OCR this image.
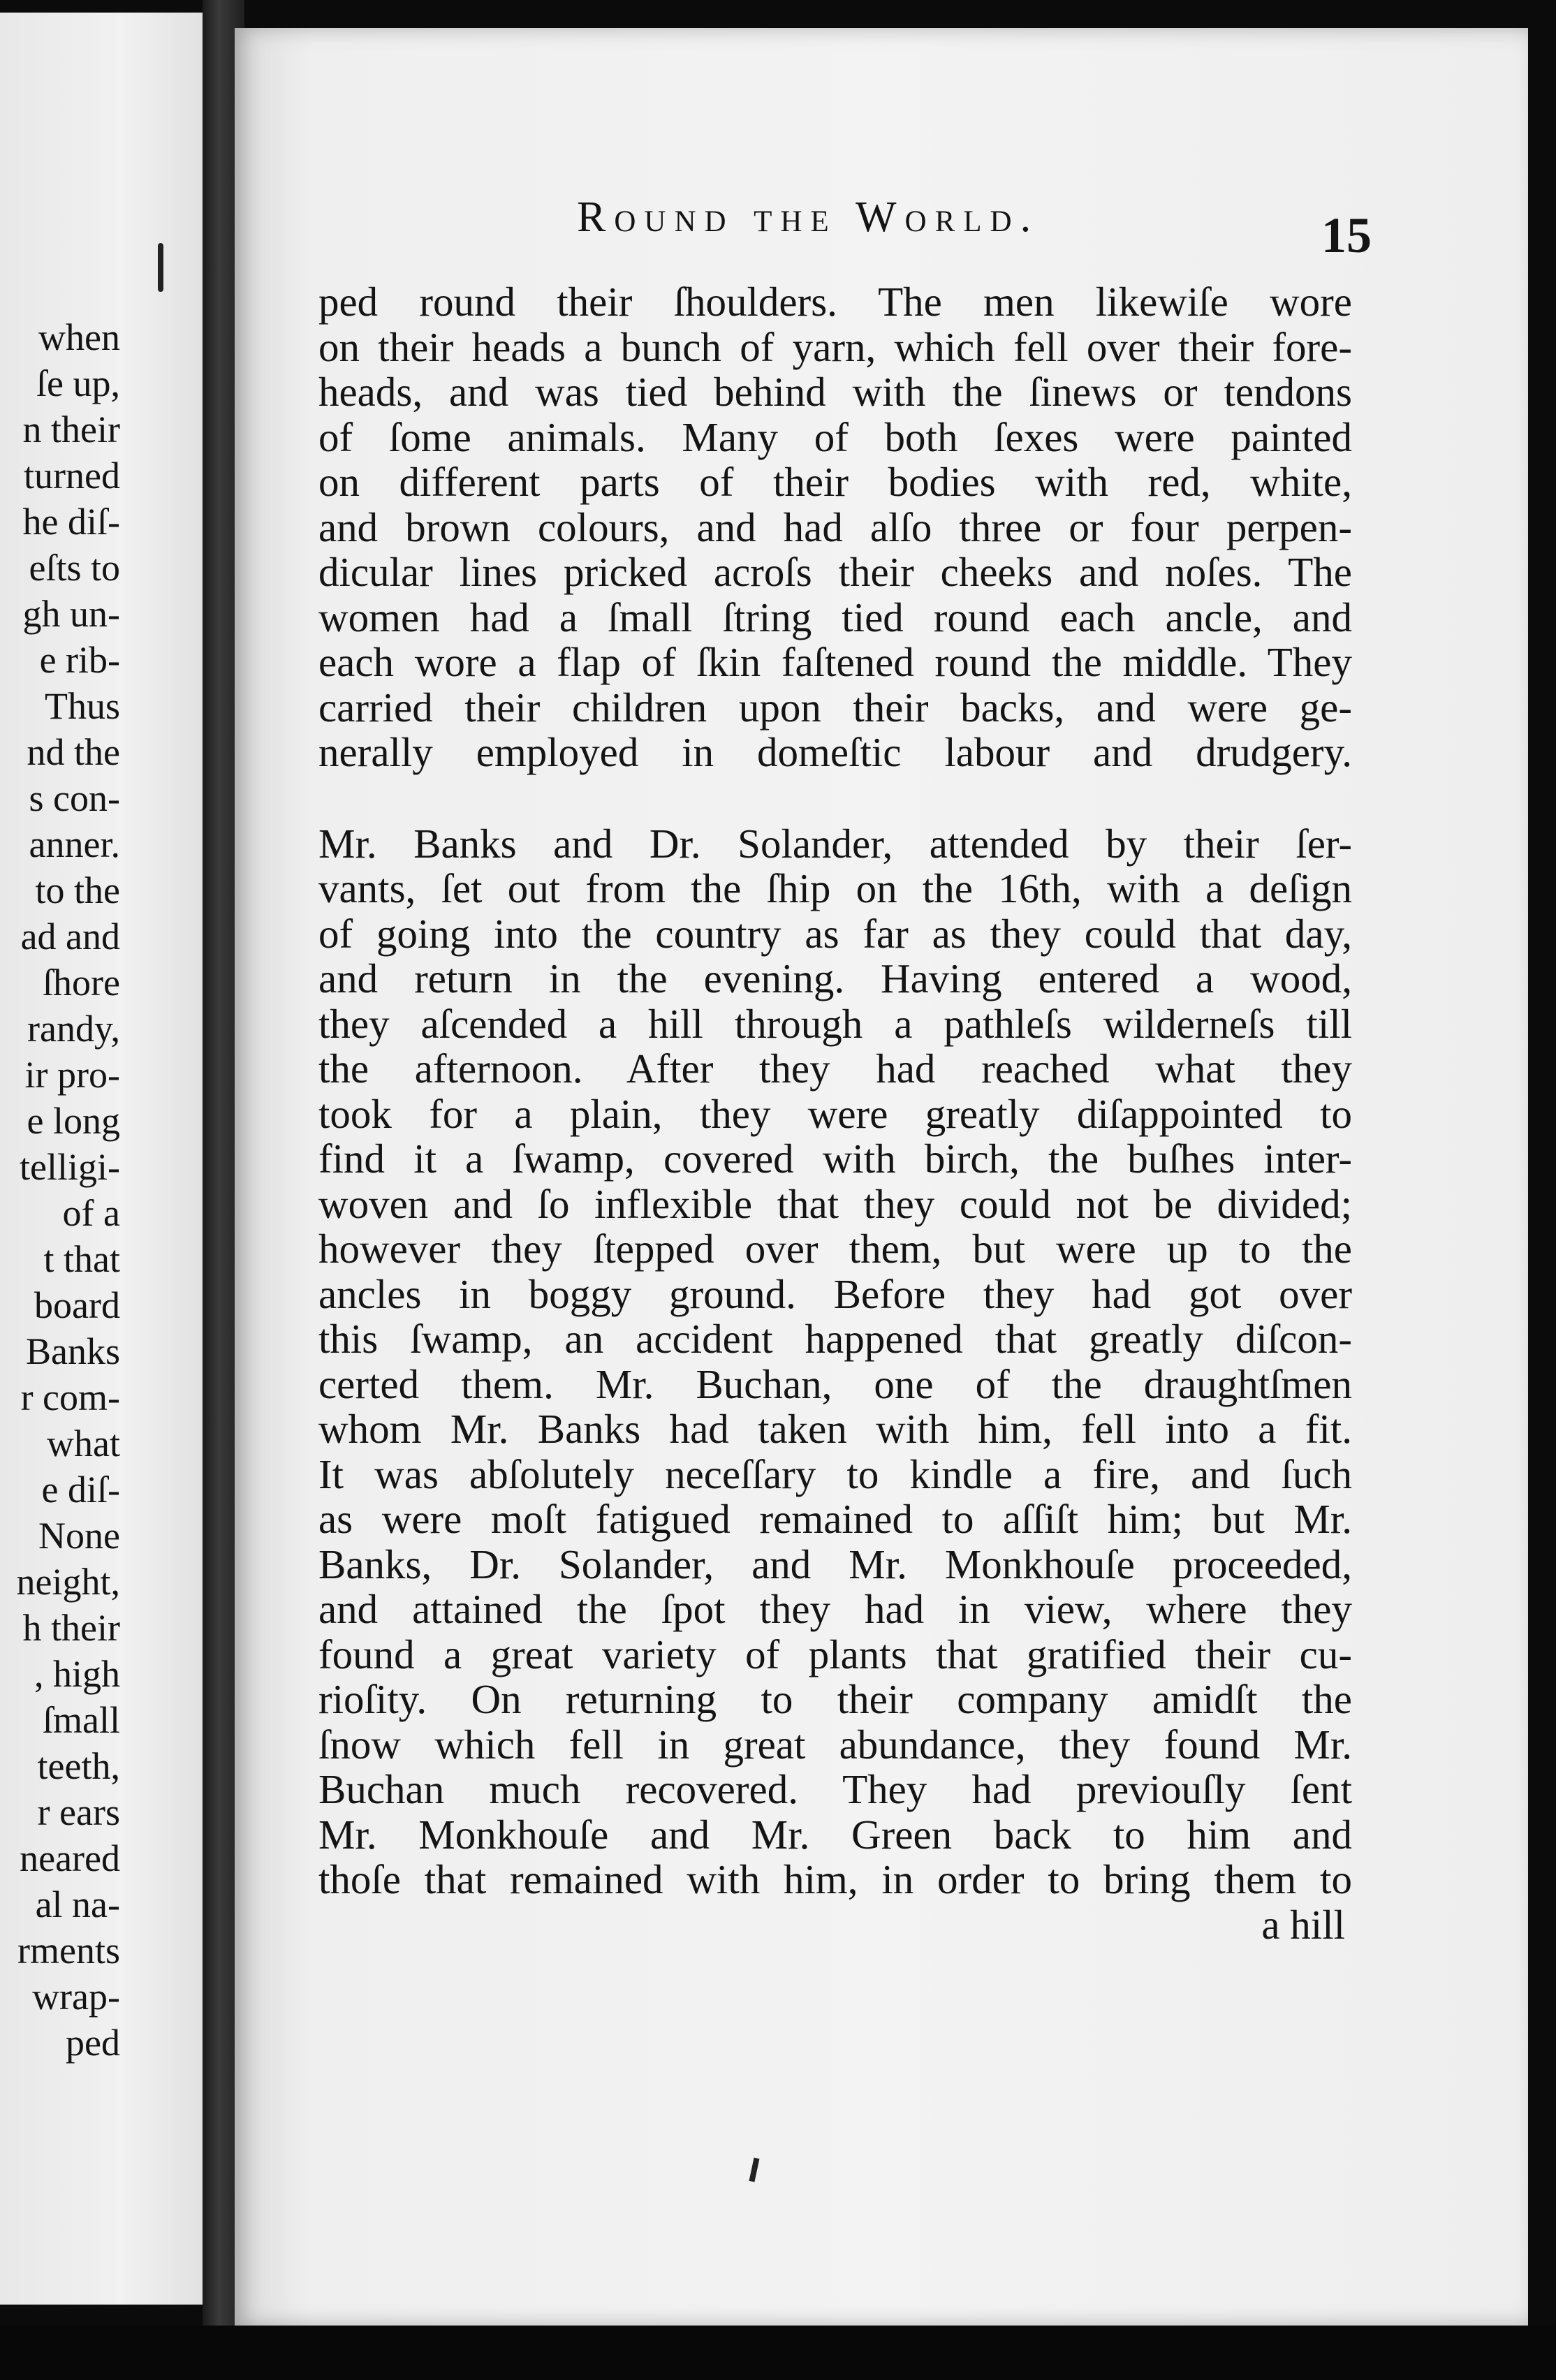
when
ſe up,
n their
turned
he diſ-
eſts to
gh un-
e rib-
Thus
nd the
s con-
anner.
to the
ad and
ſhore
randy,
ir pro-
e long
telligi-
of a
t that
board
Banks
r com-
what
e diſ-
None
neight,
h their
, high
ſmall
teeth,
r ears
neared
al na-
rments
wrap-
ped
Round the World.	15
ped round their ſhoulders. The men likewiſe wore
on their heads a bunch of yarn, which fell over their fore-
heads, and was tied behind with the ſinews or tendons
of ſome animals. Many of both ſexes were painted
on different parts of their bodies with red, white,
and brown colours, and had alſo three or four perpen-
dicular lines pricked acroſs their cheeks and noſes. The
women had a ſmall ſtring tied round each ancle, and
each wore a flap of ſkin faſtened round the middle. They
carried their children upon their backs, and were ge-
nerally employed in domeſtic labour and drudgery.
Mr. Banks and Dr. Solander, attended by their ſer-
vants, ſet out from the ſhip on the 16th, with a deſign
of going into the country as far as they could that day,
and return in the evening. Having entered a wood,
they aſcended a hill through a pathleſs wilderneſs till
the afternoon. After they had reached what they
took for a plain, they were greatly diſappointed to
find it a ſwamp, covered with birch, the buſhes inter-
woven and ſo inflexible that they could not be divided;
however they ſtepped over them, but were up to the
ancles in boggy ground. Before they had got over
this ſwamp, an accident happened that greatly diſcon-
certed them. Mr. Buchan, one of the draughtſmen
whom Mr. Banks had taken with him, fell into a fit.
It was abſolutely neceſſary to kindle a fire, and ſuch
as were moſt fatigued remained to aſſiſt him; but Mr.
Banks, Dr. Solander, and Mr. Monkhouſe proceeded,
and attained the ſpot they had in view, where they
found a great variety of plants that gratified their cu-
rioſity. On returning to their company amidſt the
ſnow which fell in great abundance, they found Mr.
Buchan much recovered. They had previouſly ſent
Mr. Monkhouſe and Mr. Green back to him and
thoſe that remained with him, in order to bring them to
a hill
